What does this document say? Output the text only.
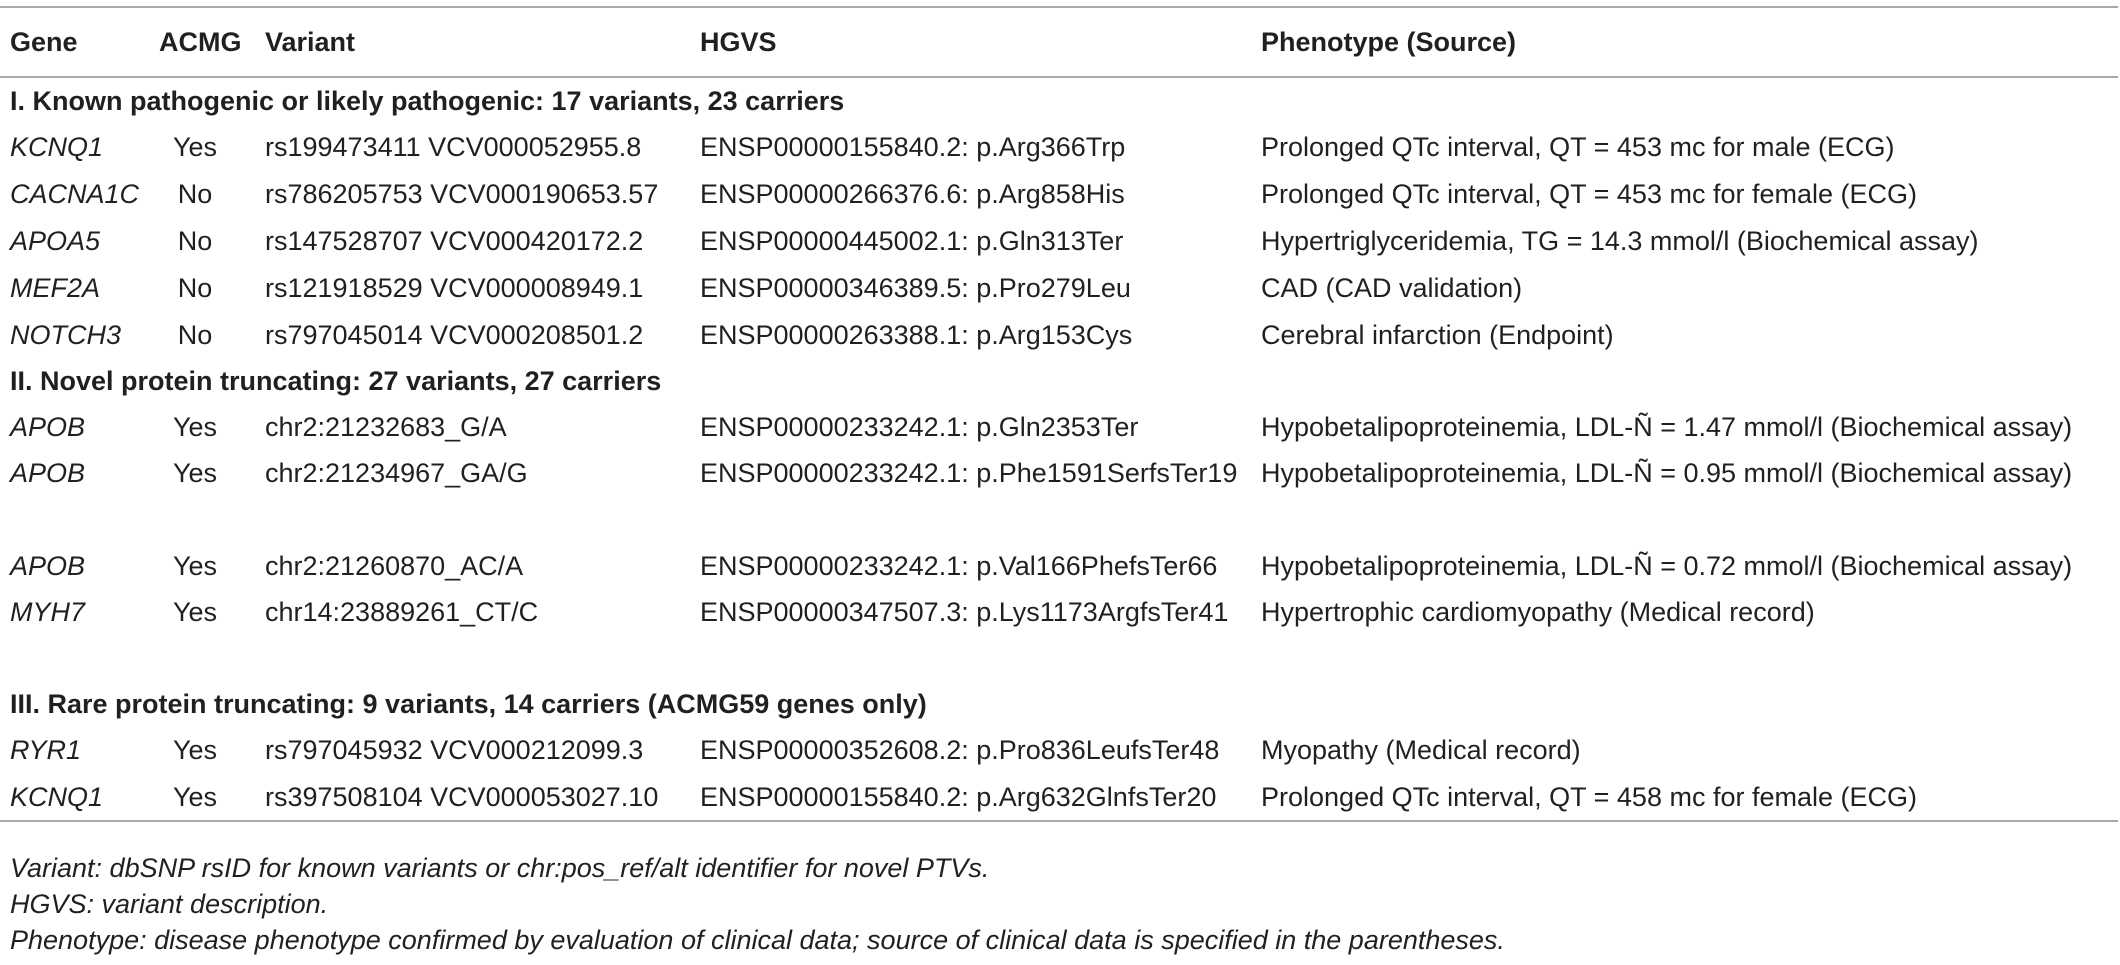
Gene	ACMG	Variant	HGVS	Phenotype (Source)
I. Known pathogenic or likely pathogenic: 17 variants, 23 carriers				
KCNQ1	Yes	rs199473411 VCV000052955.8	ENSP00000155840.2: p.Arg366Trp	Prolonged QTc interval, QT = 453 mc for male (ECG)
CACNA1C	No	rs786205753 VCV000190653.57	ENSP00000266376.6: p.Arg858His	Prolonged QTc interval, QT = 453 mc for female (ECG)
APOA5	No	rs147528707 VCV000420172.2	ENSP00000445002.1: p.Gln313Ter	Hypertriglyceridemia, TG = 14.3 mmol/l (Biochemical assay)
MEF2A	No	rs121918529 VCV000008949.1	ENSP00000346389.5: p.Pro279Leu	CAD (CAD validation)
NOTCH3	No	rs797045014 VCV000208501.2	ENSP00000263388.1: p.Arg153Cys	Cerebral infarction (Endpoint)
II. Novel protein truncating: 27 variants, 27 carriers				
APOB	Yes	chr2:21232683_G/A	ENSP00000233242.1: p.Gln2353Ter	Hypobetalipoproteinemia, LDL-Ñ = 1.47 mmol/l (Biochemical assay)
APOB	Yes	chr2:21234967_GA/G	ENSP00000233242.1: p.Phe1591SerfsTer19	Hypobetalipoproteinemia, LDL-Ñ = 0.95 mmol/l (Biochemical assay)
APOB	Yes	chr2:21260870_AC/A	ENSP00000233242.1: p.Val166PhefsTer66	Hypobetalipoproteinemia, LDL-Ñ = 0.72 mmol/l (Biochemical assay)
MYH7	Yes	chr14:23889261_CT/C	ENSP00000347507.3: p.Lys1173ArgfsTer41	Hypertrophic cardiomyopathy (Medical record)
III. Rare protein truncating: 9 variants, 14 carriers (ACMG59 genes only)				
RYR1	Yes	rs797045932 VCV000212099.3	ENSP00000352608.2: p.Pro836LeufsTer48	Myopathy (Medical record)
KCNQ1	Yes	rs397508104 VCV000053027.10	ENSP00000155840.2: p.Arg632GlnfsTer20	Prolonged QTc interval, QT = 458 mc for female (ECG)
Variant: dbSNP rsID for known variants or chr:pos_ref/alt identifier for novel PTVs.
HGVS: variant description.
Phenotype: disease phenotype confirmed by evaluation of clinical data; source of clinical data is specified in the parentheses.
